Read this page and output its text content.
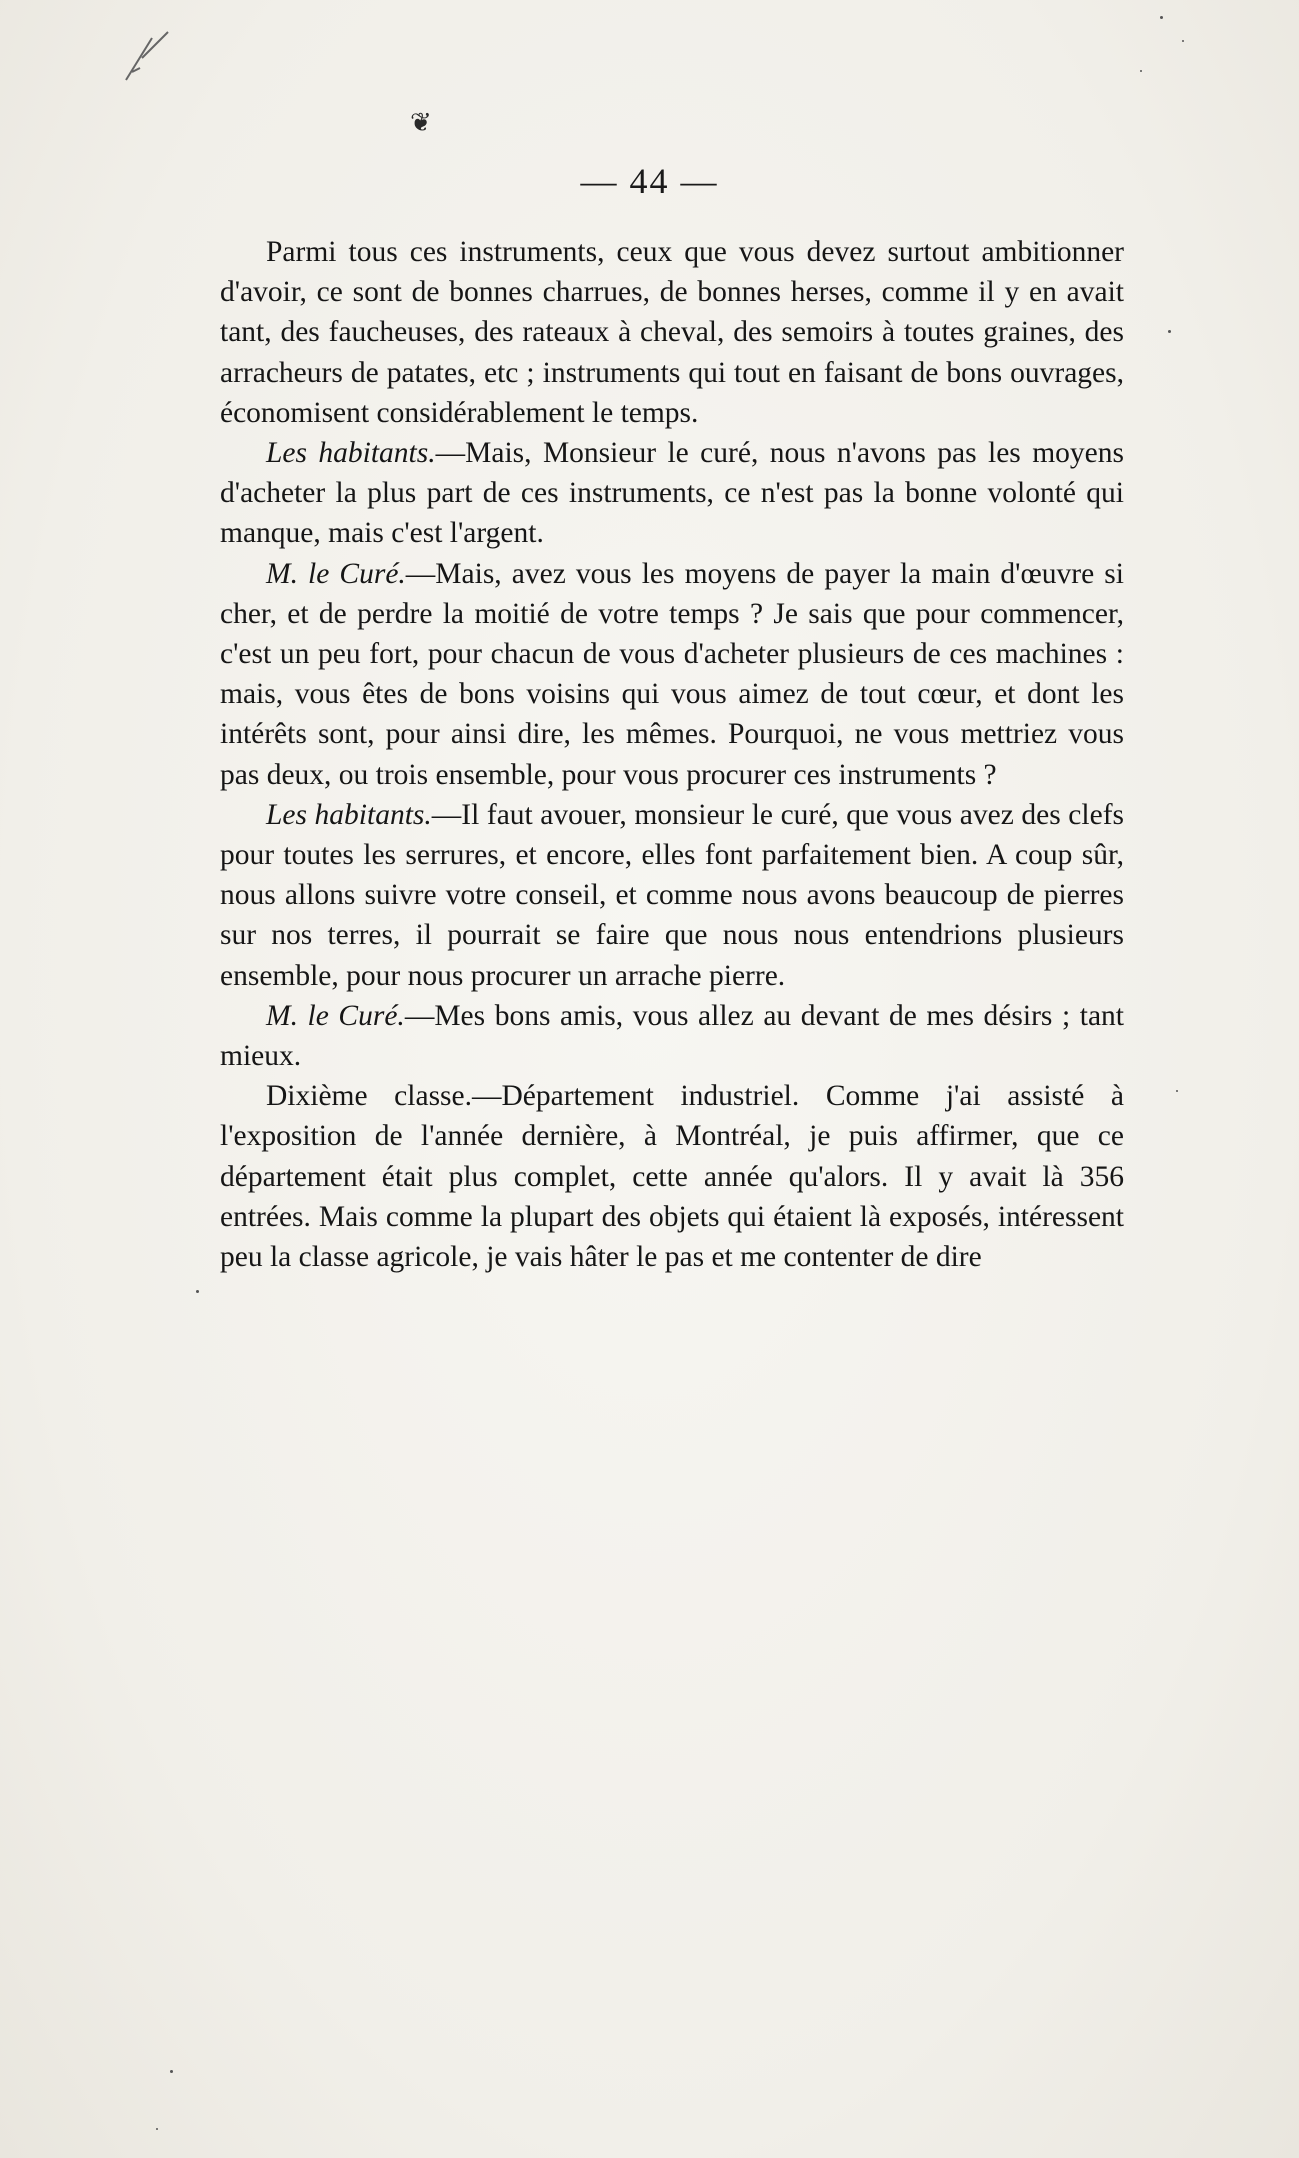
❦
— 44 —

Parmi tous ces instruments, ceux que vous devez surtout ambitionner d'avoir, ce sont de bonnes charrues, de bonnes herses, comme il y en avait tant, des faucheuses, des rateaux à cheval, des semoirs à toutes graines, des arracheurs de patates, etc ; instruments qui tout en faisant de bons ouvrages, économisent considérablement le temps.

Les habitants.—Mais, Monsieur le curé, nous n'avons pas les moyens d'acheter la plus part de ces instruments, ce n'est pas la bonne volonté qui manque, mais c'est l'argent.

M. le Curé.—Mais, avez vous les moyens de payer la main d'œuvre si cher, et de perdre la moitié de votre temps ? Je sais que pour commencer, c'est un peu fort, pour chacun de vous d'acheter plusieurs de ces machines : mais, vous êtes de bons voisins qui vous aimez de tout cœur, et dont les intérêts sont, pour ainsi dire, les mêmes. Pourquoi, ne vous mettriez vous pas deux, ou trois ensemble, pour vous procurer ces instruments ?

Les habitants.—Il faut avouer, monsieur le curé, que vous avez des clefs pour toutes les serrures, et encore, elles font parfaitement bien. A coup sûr, nous allons suivre votre conseil, et comme nous avons beaucoup de pierres sur nos terres, il pourrait se faire que nous nous entendrions plusieurs ensemble, pour nous procurer un arrache pierre.

M. le Curé.—Mes bons amis, vous allez au devant de mes désirs ; tant mieux.

Dixième classe.—Département industriel. Comme j'ai assisté à l'exposition de l'année dernière, à Montréal, je puis affirmer, que ce département était plus complet, cette année qu'alors. Il y avait là 356 entrées. Mais comme la plupart des objets qui étaient là exposés, intéressent peu la classe agricole, je vais hâter le pas et me contenter de dire
